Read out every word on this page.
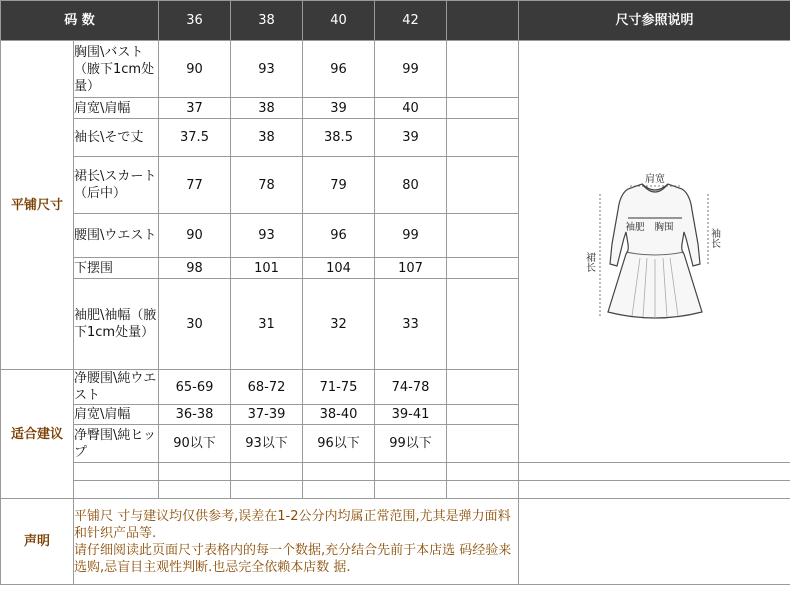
码 数		36	38	40	42		尺寸参照说明
平铺尺寸	胸围\バスト（腋下1cm处量）	90	93	96	99		肩宽
袖肥 胸围
袖长
裙长

	肩宽\肩幅	37	38	39	40		
	袖长\そで丈	37.5	38	38.5	39		
	裙长\スカート（后中）	77	78	79	80		
	腰围\ウエスト	90	93	96	99		
	下摆围	98	101	104	107		
	袖肥\袖幅（腋下1cm处量）	30	31	32	33		
适合建议	净腰围\純ウエスト	65-69	68-72	71-75	74-78		
	肩宽\肩幅	36-38	37-39	38-40	39-41		
	净臀围\純ヒップ	90以下	93以下	96以下	99以下		

声明	平铺尺 寸与建议均仅供参考,误差在1-2公分内均属正常范围,尤其是弹力面料和针织产品等.
请仔细阅读此页面尺寸表格内的每一个数据,充分结合先前于本店选 码经验来选购,忌盲目主观性判断.也忌完全依赖本店数 据.						
